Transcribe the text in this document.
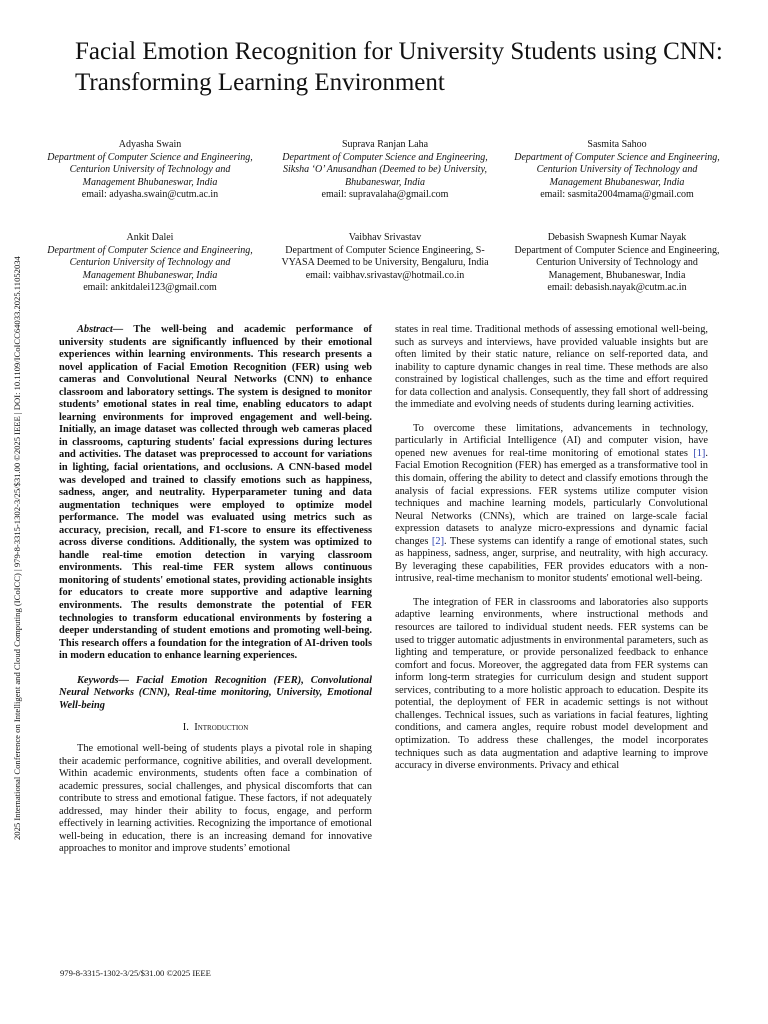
2025 International Conference on Intelligent and Cloud Computing (ICoICC) | 979-8-3315-1302-3/25/$31.00 ©2025 IEEE | DOI: 10.1109/ICoICC64033.2025.11052034
Facial Emotion Recognition for University Students using CNN: Transforming Learning Environment
Adyasha Swain
Department of Computer Science and Engineering, Centurion University of Technology and Management Bhubaneswar, India
email: adyasha.swain@cutm.ac.in
Suprava Ranjan Laha
Department of Computer Science and Engineering, Siksha ‘O’ Anusandhan (Deemed to be) University, Bhubaneswar, India
email: supravalaha@gmail.com
Sasmita Sahoo
Department of Computer Science and Engineering, Centurion University of Technology and Management Bhubaneswar, India
email: sasmita2004mama@gmail.com
Ankit Dalei
Department of Computer Science and Engineering, Centurion University of Technology and Management Bhubaneswar, India
email: ankitdalei123@gmail.com
Vaibhav Srivastav
Department of Computer Science Engineering, S-VYASA Deemed to be University, Bengaluru, India
email: vaibhav.srivastav@hotmail.co.in
Debasish Swapnesh Kumar Nayak
Department of Computer Science and Engineering, Centurion University of Technology and Management, Bhubaneswar, India
email: debasish.nayak@cutm.ac.in

Abstract— The well-being and academic performance of university students are significantly influenced by their emotional experiences within learning environments. This research presents a novel application of Facial Emotion Recognition (FER) using web cameras and Convolutional Neural Networks (CNN) to enhance classroom and laboratory settings. The system is designed to monitor students’ emotional states in real time, enabling educators to adapt learning environments for improved engagement and well-being. Initially, an image dataset was collected through web cameras placed in classrooms, capturing students' facial expressions during lectures and activities. The dataset was preprocessed to account for variations in lighting, facial orientations, and occlusions. A CNN-based model was developed and trained to classify emotions such as happiness, sadness, anger, and neutrality. Hyperparameter tuning and data augmentation techniques were employed to optimize model performance. The model was evaluated using metrics such as accuracy, precision, recall, and F1-score to ensure its effectiveness across diverse conditions. Additionally, the system was optimized to handle real-time emotion detection in varying classroom environments. This real-time FER system allows continuous monitoring of students' emotional states, providing actionable insights for educators to create more supportive and adaptive learning environments. The results demonstrate the potential of FER technologies to transform educational environments by fostering a deeper understanding of student emotions and promoting well-being. This research offers a foundation for the integration of AI-driven tools in modern education to enhance learning experiences.

Keywords— Facial Emotion Recognition (FER), Convolutional Neural Networks (CNN), Real-time monitoring, University, Emotional Well-being

I. Introduction

The emotional well-being of students plays a pivotal role in shaping their academic performance, cognitive abilities, and overall development. Within academic environments, students often face a combination of academic pressures, social challenges, and physical discomforts that can contribute to stress and emotional fatigue. These factors, if not adequately addressed, may hinder their ability to focus, engage, and perform effectively in learning activities. Recognizing the importance of emotional well-being in education, there is an increasing demand for innovative approaches to monitor and improve students’ emotional

states in real time. Traditional methods of assessing emotional well-being, such as surveys and interviews, have provided valuable insights but are often limited by their static nature, reliance on self-reported data, and inability to capture dynamic changes in real time. These methods are also constrained by logistical challenges, such as the time and effort required for data collection and analysis. Consequently, they fall short of addressing the immediate and evolving needs of students during learning activities.

To overcome these limitations, advancements in technology, particularly in Artificial Intelligence (AI) and computer vision, have opened new avenues for real-time monitoring of emotional states [1]. Facial Emotion Recognition (FER) has emerged as a transformative tool in this domain, offering the ability to detect and classify emotions through the analysis of facial expressions. FER systems utilize computer vision techniques and machine learning models, particularly Convolutional Neural Networks (CNNs), which are trained on large-scale facial expression datasets to analyze micro-expressions and dynamic facial changes [2]. These systems can identify a range of emotional states, such as happiness, sadness, anger, surprise, and neutrality, with high accuracy. By leveraging these capabilities, FER provides educators with a non-intrusive, real-time mechanism to monitor students' emotional well-being.

The integration of FER in classrooms and laboratories also supports adaptive learning environments, where instructional methods and resources are tailored to individual student needs. FER systems can be used to trigger automatic adjustments in environmental parameters, such as lighting and temperature, or provide personalized feedback to enhance comfort and focus. Moreover, the aggregated data from FER systems can inform long-term strategies for curriculum design and student support services, contributing to a more holistic approach to education. Despite its potential, the deployment of FER in academic settings is not without challenges. Technical issues, such as variations in facial features, lighting conditions, and camera angles, require robust model development and optimization. To address these challenges, the model incorporates techniques such as data augmentation and adaptive learning to improve accuracy in diverse environments. Privacy and ethical

979-8-3315-1302-3/25/$31.00 ©2025 IEEE
